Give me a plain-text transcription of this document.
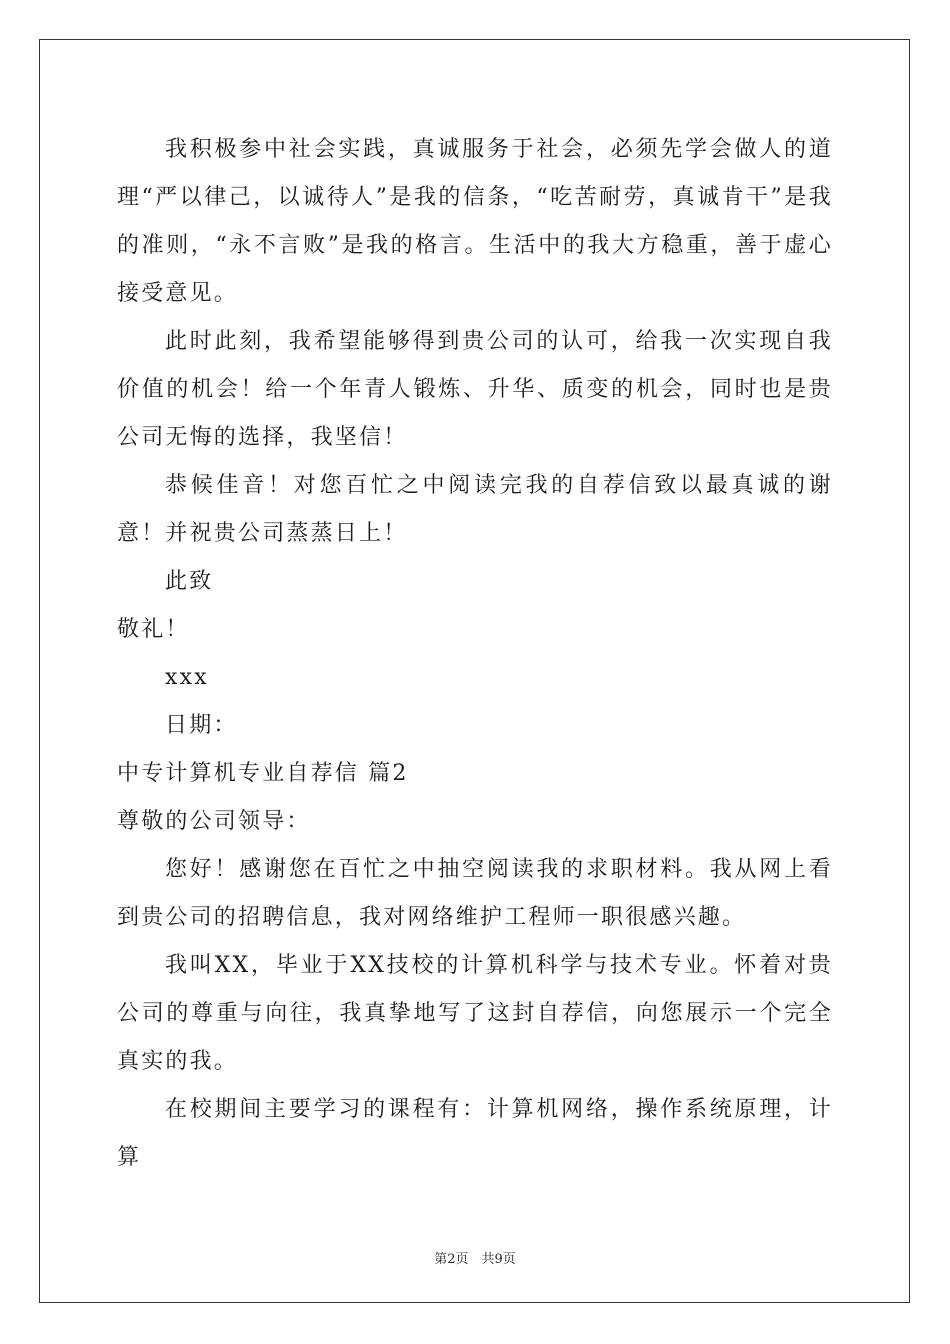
我积极参中社会实践，真诚服务于社会，必须先学会做人的道理“严以律己，以诚待人”是我的信条，“吃苦耐劳，真诚肯干”是我的准则，“永不言败”是我的格言。生活中的我大方稳重，善于虚心接受意见。

此时此刻，我希望能够得到贵公司的认可，给我一次实现自我价值的机会！给一个年青人锻炼、升华、质变的机会，同时也是贵公司无悔的选择，我坚信！

恭候佳音！对您百忙之中阅读完我的自荐信致以最真诚的谢意！并祝贵公司蒸蒸日上！

此致

敬礼！

xxx

日期：

中专计算机专业自荐信 篇2

尊敬的公司领导：

您好！感谢您在百忙之中抽空阅读我的求职材料。我从网上看到贵公司的招聘信息，我对网络维护工程师一职很感兴趣。

我叫XX，毕业于XX技校的计算机科学与技术专业。怀着对贵公司的尊重与向往，我真挚地写了这封自荐信，向您展示一个完全真实的我。

在校期间主要学习的课程有：计算机网络，操作系统原理，计算

第2页　共9页
